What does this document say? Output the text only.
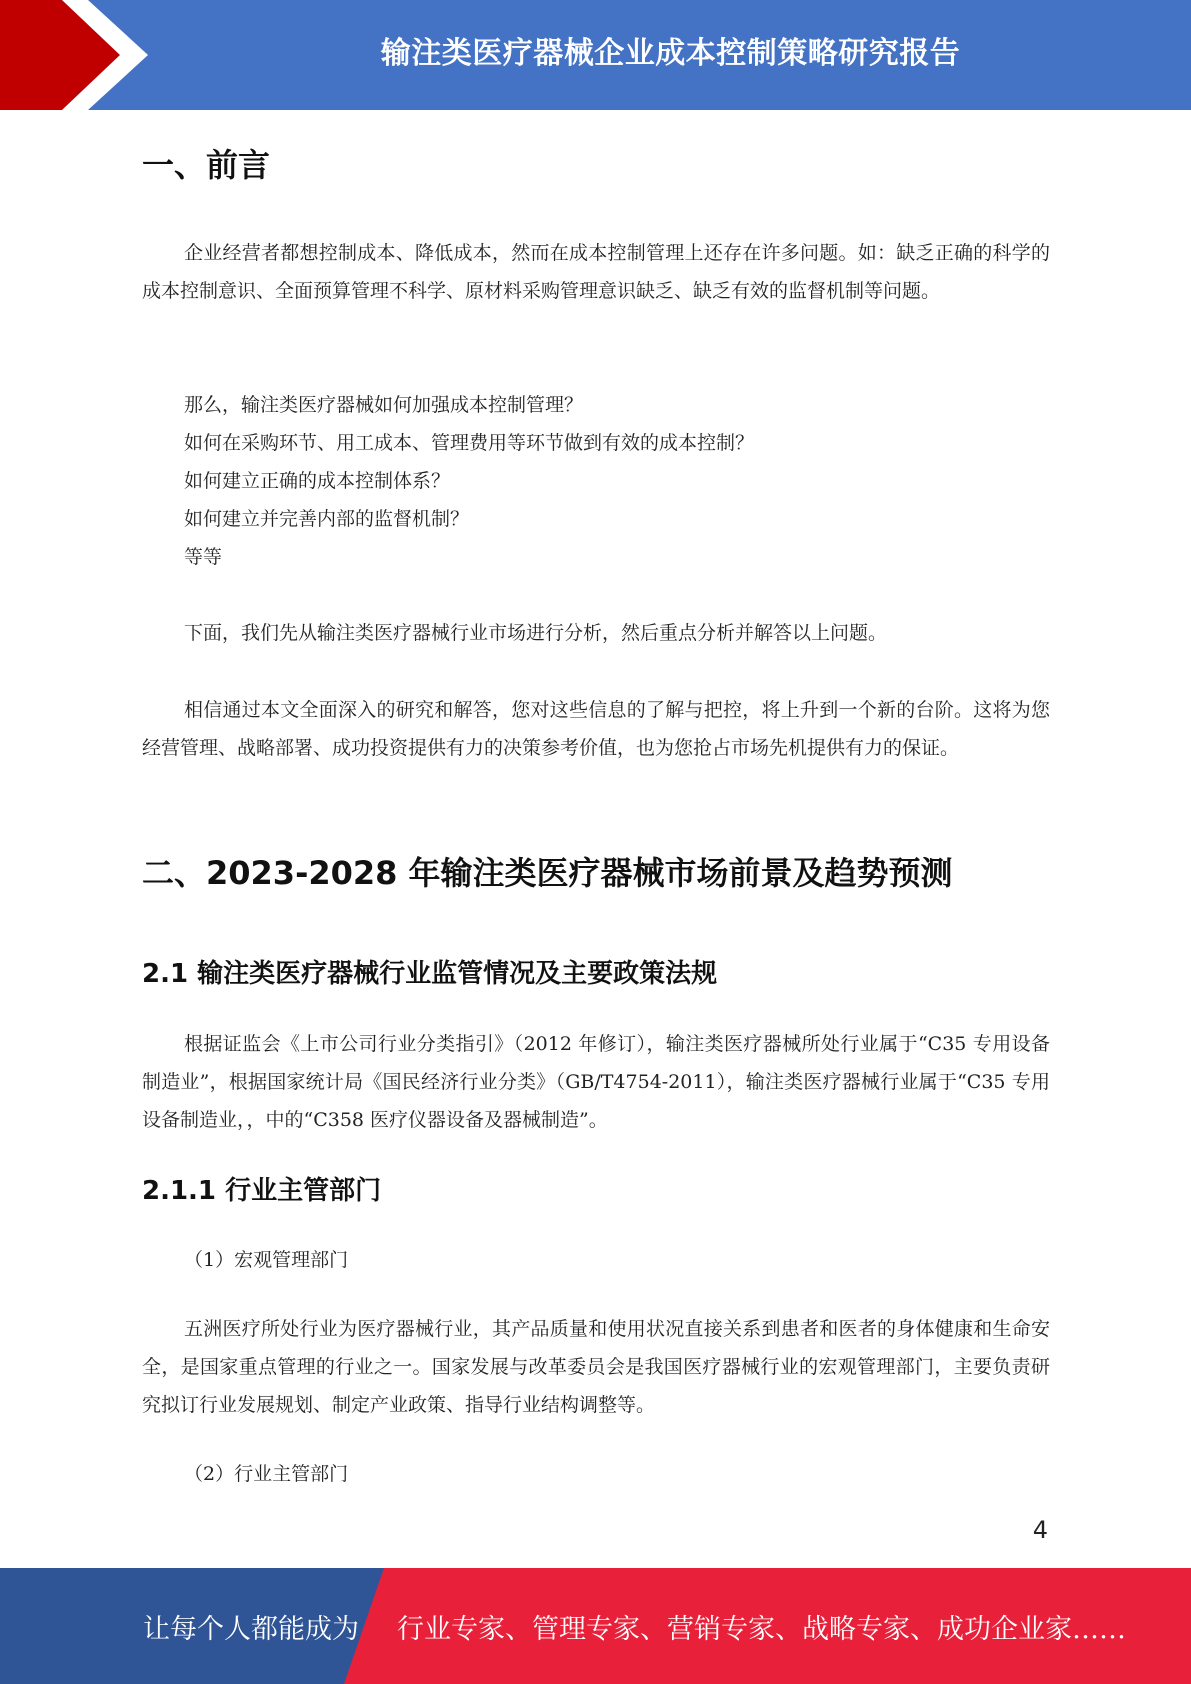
输注类医疗器械企业成本控制策略研究报告
一、前言
企业经营者都想控制成本、降低成本，然而在成本控制管理上还存在许多问题。如：缺乏正确的科学的成本控制意识、全面预算管理不科学、原材料采购管理意识缺乏、缺乏有效的监督机制等问题。
那么，输注类医疗器械如何加强成本控制管理？
如何在采购环节、用工成本、管理费用等环节做到有效的成本控制？
如何建立正确的成本控制体系？
如何建立并完善内部的监督机制？
等等
下面，我们先从输注类医疗器械行业市场进行分析，然后重点分析并解答以上问题。
相信通过本文全面深入的研究和解答，您对这些信息的了解与把控，将上升到一个新的台阶。这将为您经营管理、战略部署、成功投资提供有力的决策参考价值，也为您抢占市场先机提供有力的保证。
二、2023-2028 年输注类医疗器械市场前景及趋势预测
2.1 输注类医疗器械行业监管情况及主要政策法规
根据证监会《上市公司行业分类指引》（2012 年修订），输注类医疗器械所处行业属于“C35 专用设备制造业”，根据国家统计局《国民经济行业分类》（GB/T4754-2011），输注类医疗器械行业属于“C35 专用设备制造业，，中的“C358 医疗仪器设备及器械制造”。
2.1.1 行业主管部门
（1）宏观管理部门
五洲医疗所处行业为医疗器械行业，其产品质量和使用状况直接关系到患者和医者的身体健康和生命安全，是国家重点管理的行业之一。国家发展与改革委员会是我国医疗器械行业的宏观管理部门，主要负责研究拟订行业发展规划、制定产业政策、指导行业结构调整等。
（2）行业主管部门
4
让每个人都能成为 行业专家、管理专家、营销专家、战略专家、成功企业家……
